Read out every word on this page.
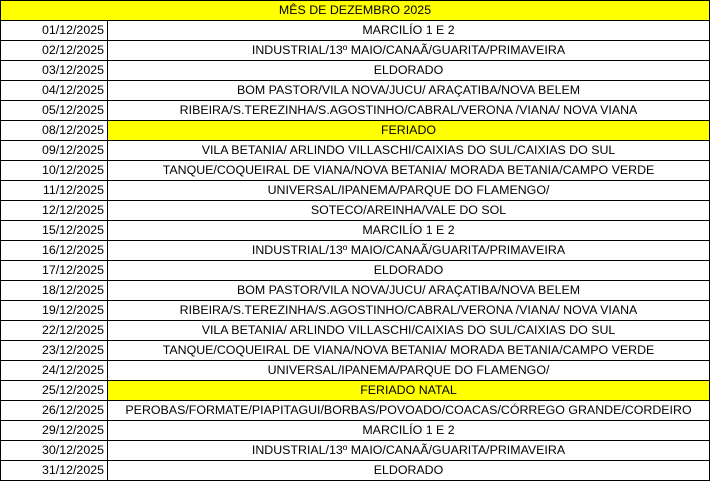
MÊS DE DEZEMBRO 2025	
01/12/2025	MARCILÍO 1 E 2
02/12/2025	INDUSTRIAL/13º MAIO/CANAÃ/GUARITA/PRIMAVEIRA
03/12/2025	ELDORADO
04/12/2025	BOM PASTOR/VILA NOVA/JUCU/ ARAÇATIBA/NOVA BELEM
05/12/2025	RIBEIRA/S.TEREZINHA/S.AGOSTINHO/CABRAL/VERONA /VIANA/ NOVA VIANA
08/12/2025	FERIADO
09/12/2025	VILA BETANIA/ ARLINDO VILLASCHI/CAIXIAS DO SUL/CAIXIAS DO SUL
10/12/2025	TANQUE/COQUEIRAL DE VIANA/NOVA BETANIA/ MORADA BETANIA/CAMPO VERDE
11/12/2025	UNIVERSAL/IPANEMA/PARQUE DO FLAMENGO/
12/12/2025	SOTECO/AREINHA/VALE DO SOL
15/12/2025	MARCILÍO 1 E 2
16/12/2025	INDUSTRIAL/13º MAIO/CANAÃ/GUARITA/PRIMAVEIRA
17/12/2025	ELDORADO
18/12/2025	BOM PASTOR/VILA NOVA/JUCU/ ARAÇATIBA/NOVA BELEM
19/12/2025	RIBEIRA/S.TEREZINHA/S.AGOSTINHO/CABRAL/VERONA /VIANA/ NOVA VIANA
22/12/2025	VILA BETANIA/ ARLINDO VILLASCHI/CAIXIAS DO SUL/CAIXIAS DO SUL
23/12/2025	TANQUE/COQUEIRAL DE VIANA/NOVA BETANIA/ MORADA BETANIA/CAMPO VERDE
24/12/2025	UNIVERSAL/IPANEMA/PARQUE DO FLAMENGO/
25/12/2025	FERIADO NATAL
26/12/2025	PEROBAS/FORMATE/PIAPITAGUI/BORBAS/POVOADO/COACAS/CÓRREGO GRANDE/CORDEIRO
29/12/2025	MARCILÍO 1 E 2
30/12/2025	INDUSTRIAL/13º MAIO/CANAÃ/GUARITA/PRIMAVEIRA
31/12/2025	ELDORADO
